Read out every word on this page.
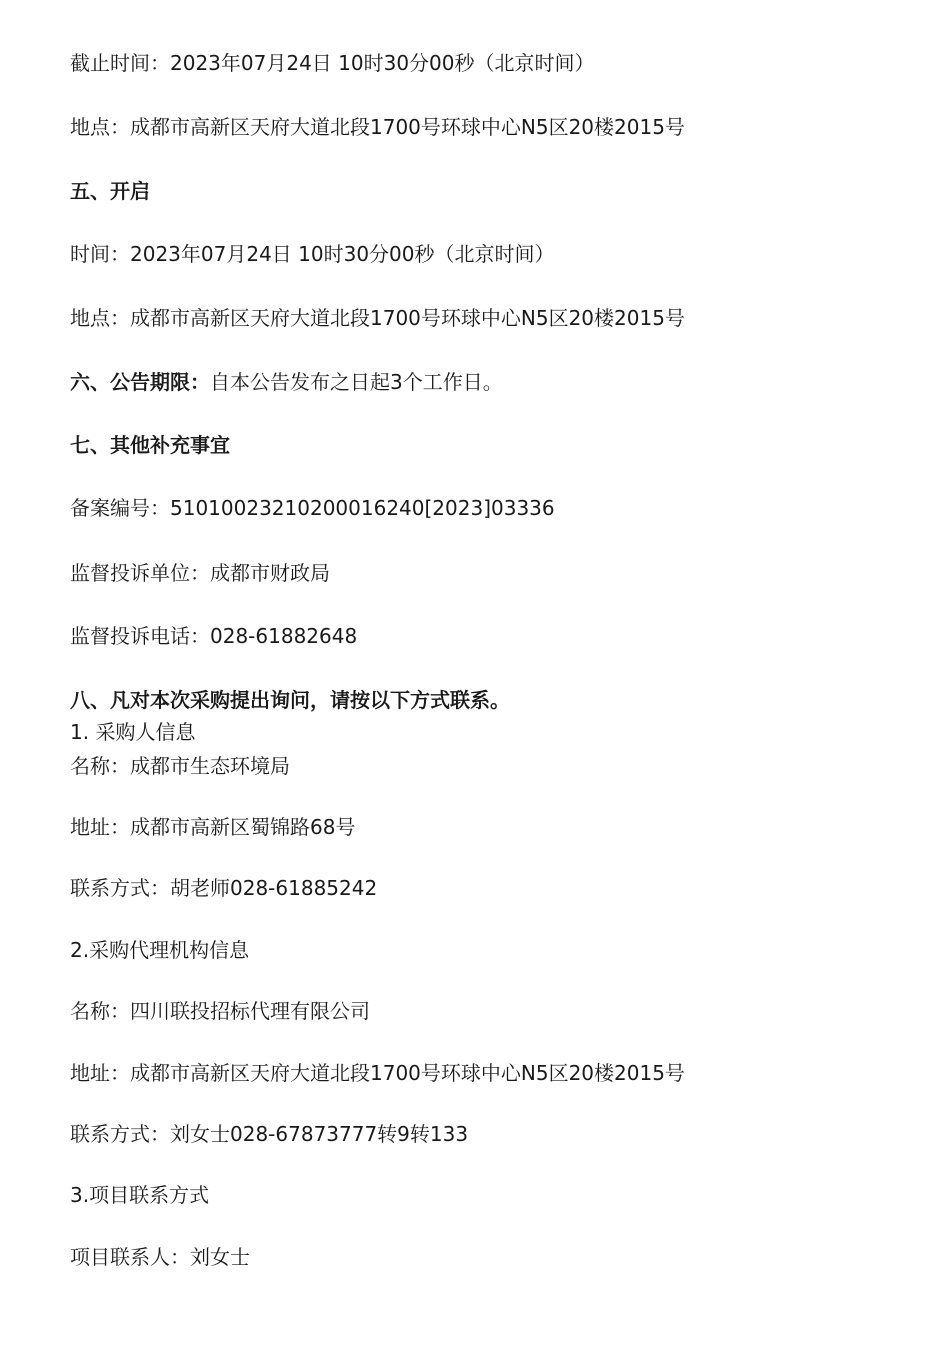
截止时间：2023年07月24日 10时30分00秒（北京时间）
地点：成都市高新区天府大道北段1700号环球中心N5区20楼2015号
五、开启
时间：2023年07月24日 10时30分00秒（北京时间）
地点：成都市高新区天府大道北段1700号环球中心N5区20楼2015号
六、公告期限：自本公告发布之日起3个工作日。
七、其他补充事宜
备案编号：51010023210200016240[2023]03336
监督投诉单位：成都市财政局
监督投诉电话：028-61882648
八、凡对本次采购提出询问，请按以下方式联系。
1. 采购人信息
名称：成都市生态环境局
地址：成都市高新区蜀锦路68号
联系方式：胡老师028-61885242
2.采购代理机构信息
名称：四川联投招标代理有限公司
地址：成都市高新区天府大道北段1700号环球中心N5区20楼2015号
联系方式：刘女士028-67873777转9转133
3.项目联系方式
项目联系人：刘女士
